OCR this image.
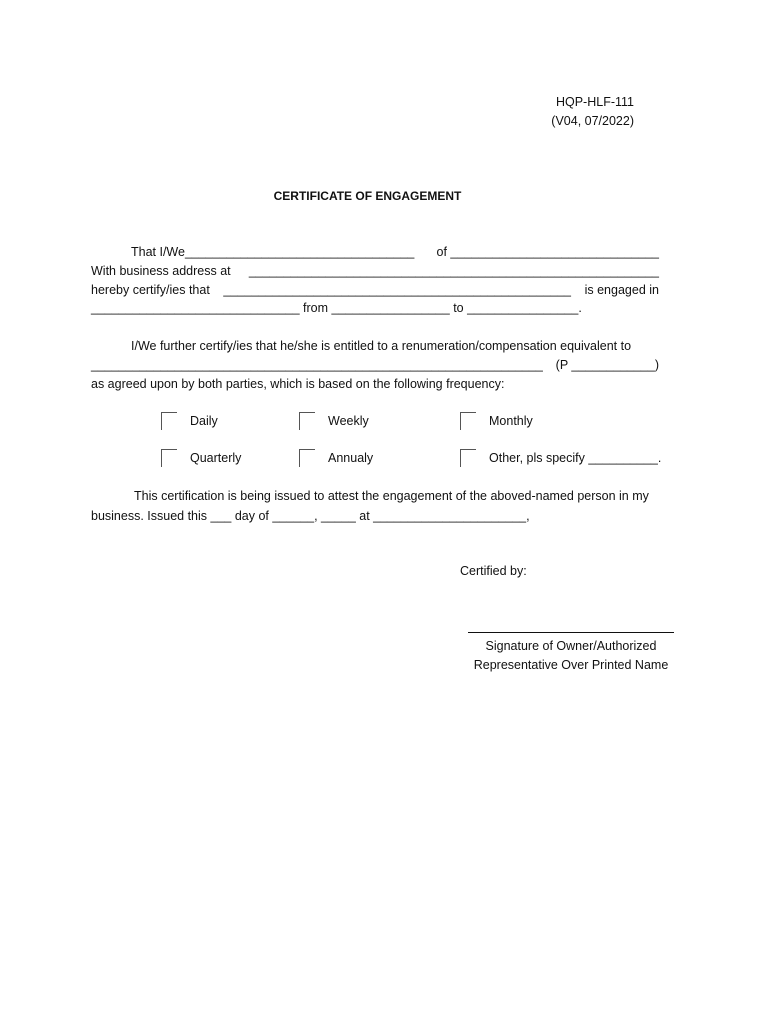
HQP-HLF-111
(V04, 07/2022)
CERTIFICATE OF ENGAGEMENT
That I/We_________________________________ of ______________________________
With business address at ___________________________________________________________
hereby certify/ies that __________________________________________________ is engaged in
______________________________ from _________________ to ________________.
I/We further certify/ies that he/she is entitled to a renumeration/compensation equivalent to
_________________________________________________________________ (P ____________)
as agreed upon by both parties, which is based on the following frequency:
Daily	Weekly	Monthly
Quarterly	Annualy	Other, pls specify __________.
This certification is being issued to attest the engagement of the aboved-named person in my
business. Issued this ___ day of ______, _____ at ______________________,
Certified by:
Signature of Owner/Authorized
Representative Over Printed Name
